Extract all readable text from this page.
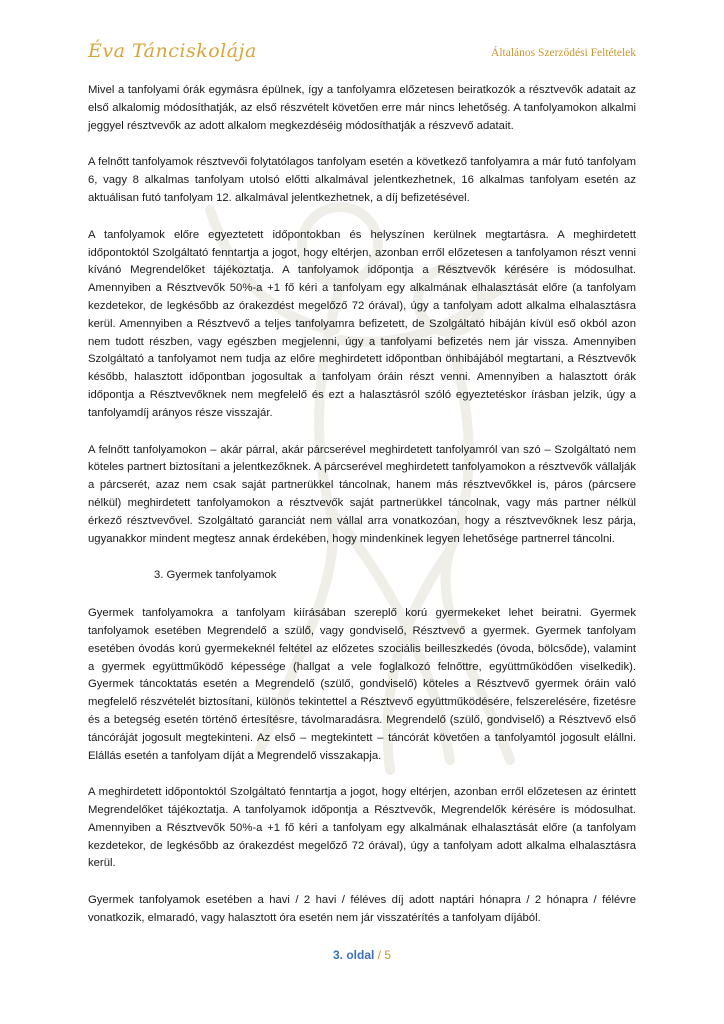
Éva Tánciskolája	Általános Szerződési Feltételek

Mivel a tanfolyami órák egymásra épülnek, így a tanfolyamra előzetesen beiratkozók a résztvevők adatait az első alkalomig módosíthatják, az első részvételt követően erre már nincs lehetőség. A tanfolyamokon alkalmi jeggyel résztvevők az adott alkalom megkezdéséig módosíthatják a részvevő adatait.

A felnőtt tanfolyamok résztvevői folytatólagos tanfolyam esetén a következő tanfolyamra a már futó tanfolyam 6, vagy 8 alkalmas tanfolyam utolsó előtti alkalmával jelentkezhetnek, 16 alkalmas tanfolyam esetén az aktuálisan futó tanfolyam 12. alkalmával jelentkezhetnek, a díj befizetésével.

A tanfolyamok előre egyeztetett időpontokban és helyszínen kerülnek megtartásra. A meghirdetett időpontoktól Szolgáltató fenntartja a jogot, hogy eltérjen, azonban erről előzetesen a tanfolyamon részt venni kívánó Megrendelőket tájékoztatja. A tanfolyamok időpontja a Résztvevők kérésére is módosulhat. Amennyiben a Résztvevők 50%-a +1 fő kéri a tanfolyam egy alkalmának elhalasztását előre (a tanfolyam kezdetekor, de legkésőbb az órakezdést megelőző 72 órával), úgy a tanfolyam adott alkalma elhalasztásra kerül. Amennyiben a Résztvevő a teljes tanfolyamra befizetett, de Szolgáltató hibáján kívül eső okból azon nem tudott részben, vagy egészben megjelenni, úgy a tanfolyami befizetés nem jár vissza. Amennyiben Szolgáltató a tanfolyamot nem tudja az előre meghirdetett időpontban önhibájából megtartani, a Résztvevők később, halasztott időpontban jogosultak a tanfolyam óráin részt venni. Amennyiben a halasztott órák időpontja a Résztvevőknek nem megfelelő és ezt a halasztásról szóló egyeztetéskor írásban jelzik, úgy a tanfolyamdíj arányos része visszajár.

A felnőtt tanfolyamokon – akár párral, akár párcserével meghirdetett tanfolyamról van szó – Szolgáltató nem köteles partnert biztosítani a jelentkezőknek. A párcserével meghirdetett tanfolyamokon a résztvevők vállalják a párcserét, azaz nem csak saját partnerükkel táncolnak, hanem más résztvevőkkel is, páros (párcsere nélkül) meghirdetett tanfolyamokon a résztvevők saját partnerükkel táncolnak, vagy más partner nélkül érkező résztvevővel. Szolgáltató garanciát nem vállal arra vonatkozóan, hogy a résztvevőknek lesz párja, ugyanakkor mindent megtesz annak érdekében, hogy mindenkinek legyen lehetősége partnerrel táncolni.

3. Gyermek tanfolyamok

Gyermek tanfolyamokra a tanfolyam kiírásában szereplő korú gyermekeket lehet beiratni. Gyermek tanfolyamok esetében Megrendelő a szülő, vagy gondviselő, Résztvevő a gyermek. Gyermek tanfolyam esetében óvodás korú gyermekeknél feltétel az előzetes szociális beilleszkedés (óvoda, bölcsőde), valamint a gyermek együttműködő képessége (hallgat a vele foglalkozó felnőttre, együttműködően viselkedik). Gyermek táncoktatás esetén a Megrendelő (szülő, gondviselő) köteles a Résztvevő gyermek óráin való megfelelő részvételét biztosítani, különös tekintettel a Résztvevő együttműködésére, felszerelésére, fizetésre és a betegség esetén történő értesítésre, távolmaradásra. Megrendelő (szülő, gondviselő) a Résztvevő első táncóráját jogosult megtekinteni. Az első – megtekintett – táncórát követően a tanfolyamtól jogosult elállni. Elállás esetén a tanfolyam díját a Megrendelő visszakapja.

A meghirdetett időpontoktól Szolgáltató fenntartja a jogot, hogy eltérjen, azonban erről előzetesen az érintett Megrendelőket tájékoztatja. A tanfolyamok időpontja a Résztvevők, Megrendelők kérésére is módosulhat. Amennyiben a Résztvevők 50%-a +1 fő kéri a tanfolyam egy alkalmának elhalasztását előre (a tanfolyam kezdetekor, de legkésőbb az órakezdést megelőző 72 órával), úgy a tanfolyam adott alkalma elhalasztásra kerül.

Gyermek tanfolyamok esetében a havi / 2 havi / féléves díj adott naptári hónapra / 2 hónapra / félévre vonatkozik, elmaradó, vagy halasztott óra esetén nem jár visszatérítés a tanfolyam díjából.

3. oldal / 5
